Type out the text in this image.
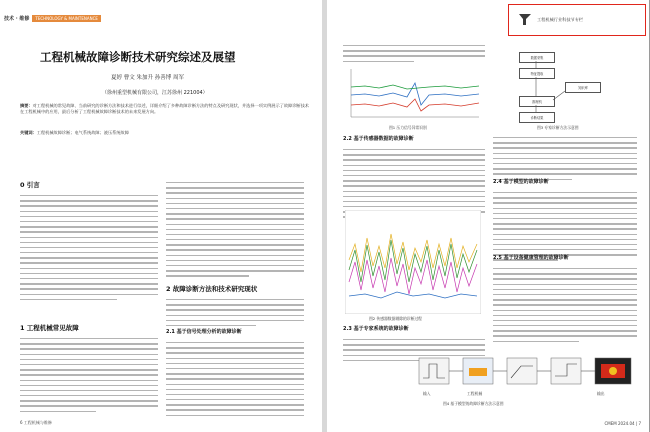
技术 · 维修	TECHNOLOGY & MAINTENANCE
工程机械故障诊断技术研究综述及展望
夏婷 曹文 朱加升 孙善博 周军
（徐州重型机械有限公司，江苏徐州 221004）
摘要：对工程机械的常见故障、当前研究的诊断方法和技术进行综述，详细介绍了多种故障诊断方法的特点及研究现状，并选择一项实例展示了故障诊断技术在工程机械中的应用，最后分析了工程机械故障诊断技术的未来发展方向。
关键词：工程机械故障诊断；电气系统故障；液压系统故障
0 引言
1 工程机械常见故障
2 故障诊断方法和技术研究现状
2.1 基于信号处理分析的故障诊断
6 工程机械与维修
工程机械行业科技节专栏
图1 压力信号异常识别
2.2 基于传感器数据的故障诊断
图2 传感器数据剔除的诊断过程
2.3 基于专家系统的故障诊断
数据采集
特征提取
知识库
推理机
诊断结果
图3 专家诊断方法示意图
2.4 基于模型的故障诊断
2.5 基于设备健康管理的故障诊断
输入	工程机械	输出
图4 基于模型的故障诊断方法示意图
CMEM 2024.04 | 7
